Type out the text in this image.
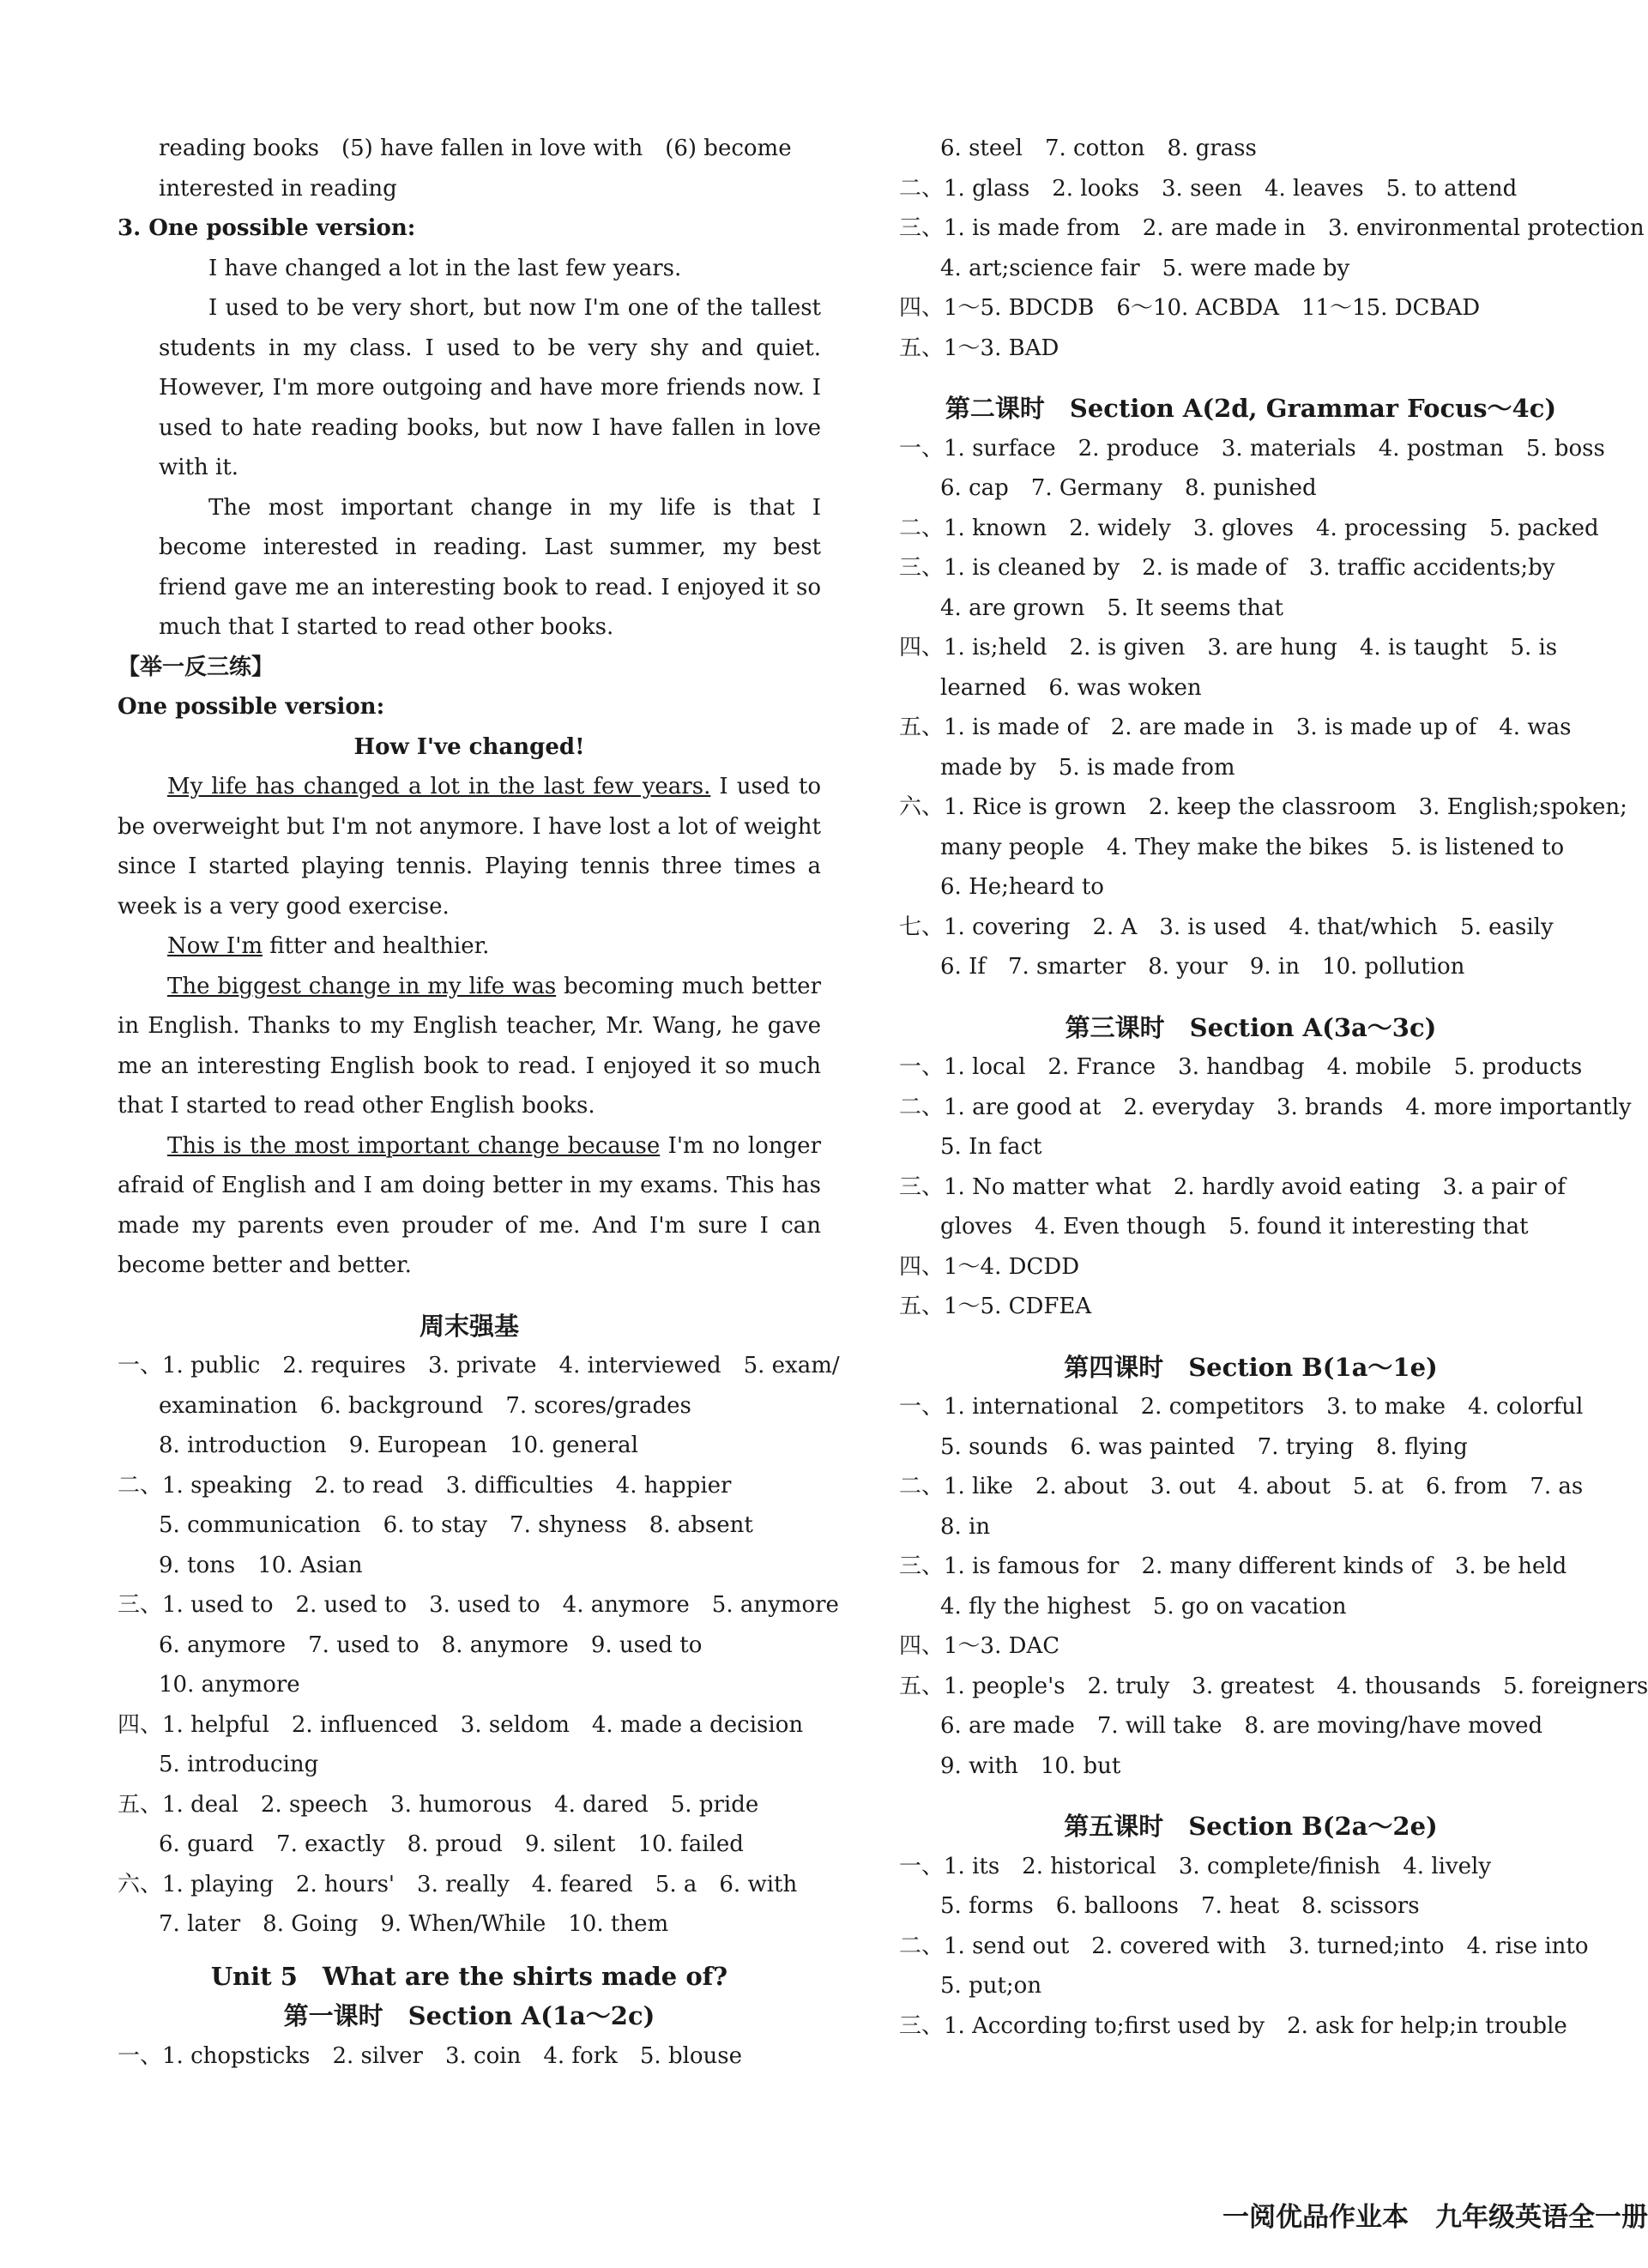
reading books　(5) have fallen in love with　(6) become
interested in reading
3. One possible version:
I have changed a lot in the last few years.
I used to be very short, but now I'm one of the tallest students in my class. I used to be very shy and quiet. However, I'm more outgoing and have more friends now. I used to hate reading books, but now I have fallen in love with it.
The most important change in my life is that I become interested in reading. Last summer, my best friend gave me an interesting book to read. I enjoyed it so much that I started to read other books.
【举一反三练】
One possible version:
How I've changed!
My life has changed a lot in the last few years. I used to be overweight but I'm not anymore. I have lost a lot of weight since I started playing tennis. Playing tennis three times a week is a very good exercise.
Now I'm fitter and healthier.
The biggest change in my life was becoming much better in English. Thanks to my English teacher, Mr. Wang, he gave me an interesting English book to read. I enjoyed it so much that I started to read other English books.
This is the most important change because I'm no longer afraid of English and I am doing better in my exams. This has made my parents even prouder of me. And I'm sure I can become better and better.
周末强基
一、1. public　2. requires　3. private　4. interviewed　5. exam/
examination　6. background　7. scores/grades
8. introduction　9. European　10. general
二、1. speaking　2. to read　3. difficulties　4. happier
5. communication　6. to stay　7. shyness　8. absent
9. tons　10. Asian
三、1. used to　2. used to　3. used to　4. anymore　5. anymore
6. anymore　7. used to　8. anymore　9. used to
10. anymore
四、1. helpful　2. influenced　3. seldom　4. made a decision
5. introducing
五、1. deal　2. speech　3. humorous　4. dared　5. pride
6. guard　7. exactly　8. proud　9. silent　10. failed
六、1. playing　2. hours'　3. really　4. feared　5. a　6. with
7. later　8. Going　9. When/While　10. them
Unit 5　What are the shirts made of?
第一课时　Section A(1a～2c)
一、1. chopsticks　2. silver　3. coin　4. fork　5. blouse
6. steel　7. cotton　8. grass
二、1. glass　2. looks　3. seen　4. leaves　5. to attend
三、1. is made from　2. are made in　3. environmental protection
4. art;science fair　5. were made by
四、1～5. BDCDB　6～10. ACBDA　11～15. DCBAD
五、1～3. BAD
第二课时　Section A(2d, Grammar Focus～4c)
一、1. surface　2. produce　3. materials　4. postman　5. boss
6. cap　7. Germany　8. punished
二、1. known　2. widely　3. gloves　4. processing　5. packed
三、1. is cleaned by　2. is made of　3. traffic accidents;by
4. are grown　5. It seems that
四、1. is;held　2. is given　3. are hung　4. is taught　5. is
learned　6. was woken
五、1. is made of　2. are made in　3. is made up of　4. was
made by　5. is made from
六、1. Rice is grown　2. keep the classroom　3. English;spoken;
many people　4. They make the bikes　5. is listened to
6. He;heard to
七、1. covering　2. A　3. is used　4. that/which　5. easily
6. If　7. smarter　8. your　9. in　10. pollution
第三课时　Section A(3a～3c)
一、1. local　2. France　3. handbag　4. mobile　5. products
二、1. are good at　2. everyday　3. brands　4. more importantly
5. In fact
三、1. No matter what　2. hardly avoid eating　3. a pair of
gloves　4. Even though　5. found it interesting that
四、1～4. DCDD
五、1～5. CDFEA
第四课时　Section B(1a～1e)
一、1. international　2. competitors　3. to make　4. colorful
5. sounds　6. was painted　7. trying　8. flying
二、1. like　2. about　3. out　4. about　5. at　6. from　7. as
8. in
三、1. is famous for　2. many different kinds of　3. be held
4. fly the highest　5. go on vacation
四、1～3. DAC
五、1. people's　2. truly　3. greatest　4. thousands　5. foreigners
6. are made　7. will take　8. are moving/have moved
9. with　10. but
第五课时　Section B(2a～2e)
一、1. its　2. historical　3. complete/finish　4. lively
5. forms　6. balloons　7. heat　8. scissors
二、1. send out　2. covered with　3. turned;into　4. rise into
5. put;on
三、1. According to;first used by　2. ask for help;in trouble
一阅优品作业本　九年级英语全一册
